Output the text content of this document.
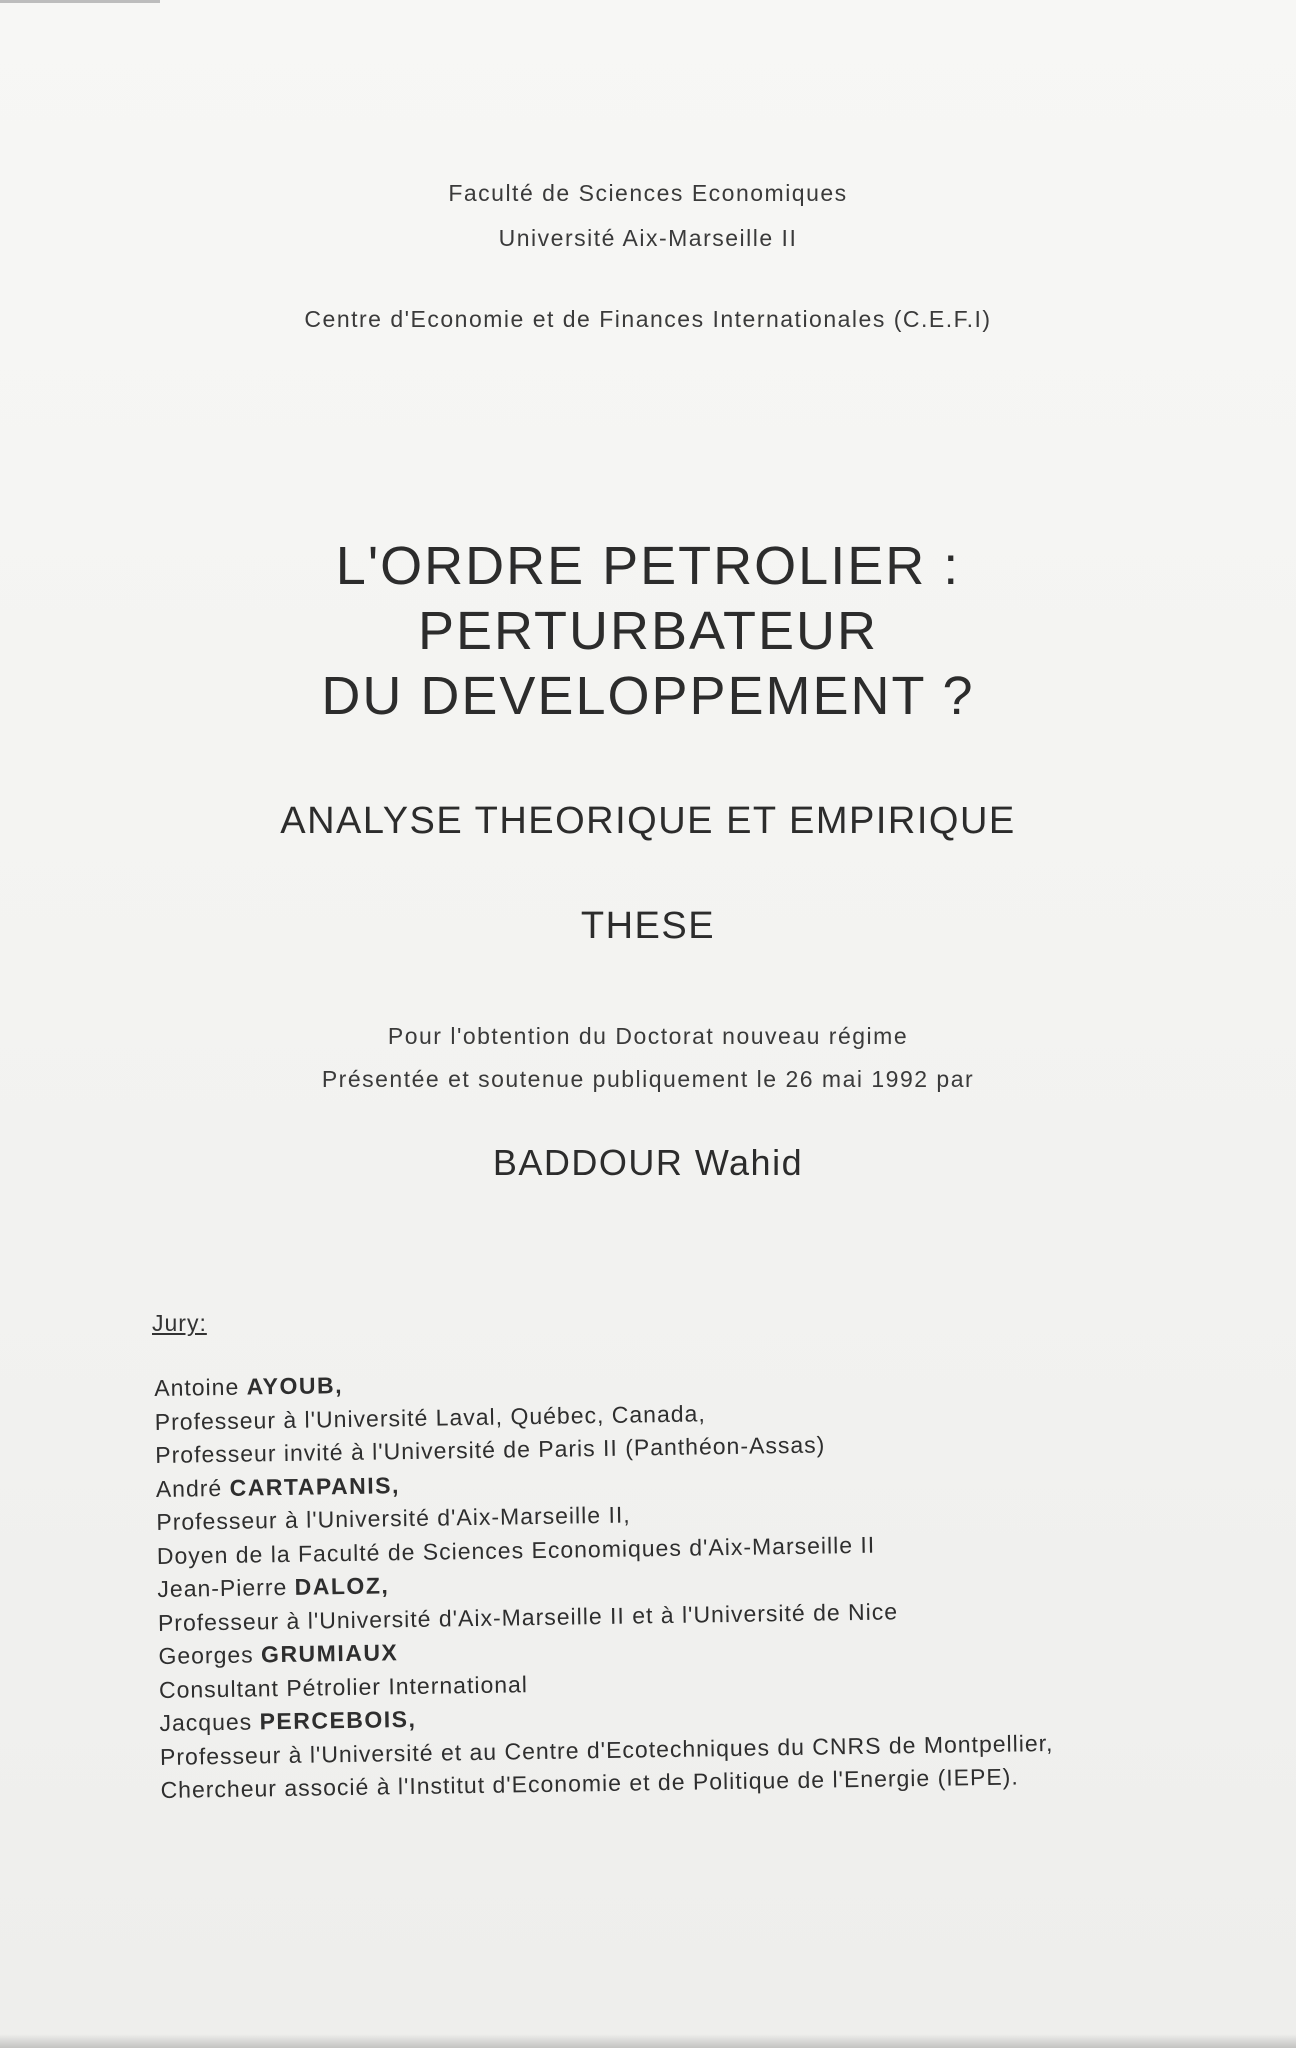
Faculté de Sciences Economiques
Université Aix-Marseille II
Centre d'Economie et de Finances Internationales (C.E.F.I)
L'ORDRE PETROLIER :
PERTURBATEUR
DU DEVELOPPEMENT ?
ANALYSE THEORIQUE ET EMPIRIQUE
THESE
Pour l'obtention du Doctorat nouveau régime
Présentée et soutenue publiquement le 26 mai 1992 par
BADDOUR Wahid
Jury:
Antoine AYOUB,
Professeur à l'Université Laval, Québec, Canada,
Professeur invité à l'Université de Paris II (Panthéon-Assas)
André CARTAPANIS,
Professeur à l'Université d'Aix-Marseille II,
Doyen de la Faculté de Sciences Economiques d'Aix-Marseille II
Jean-Pierre DALOZ,
Professeur à l'Université d'Aix-Marseille II et à l'Université de Nice
Georges GRUMIAUX
Consultant Pétrolier International
Jacques PERCEBOIS,
Professeur à l'Université et au Centre d'Ecotechniques du CNRS de Montpellier,
Chercheur associé à l'Institut d'Economie et de Politique de l'Energie (IEPE).
